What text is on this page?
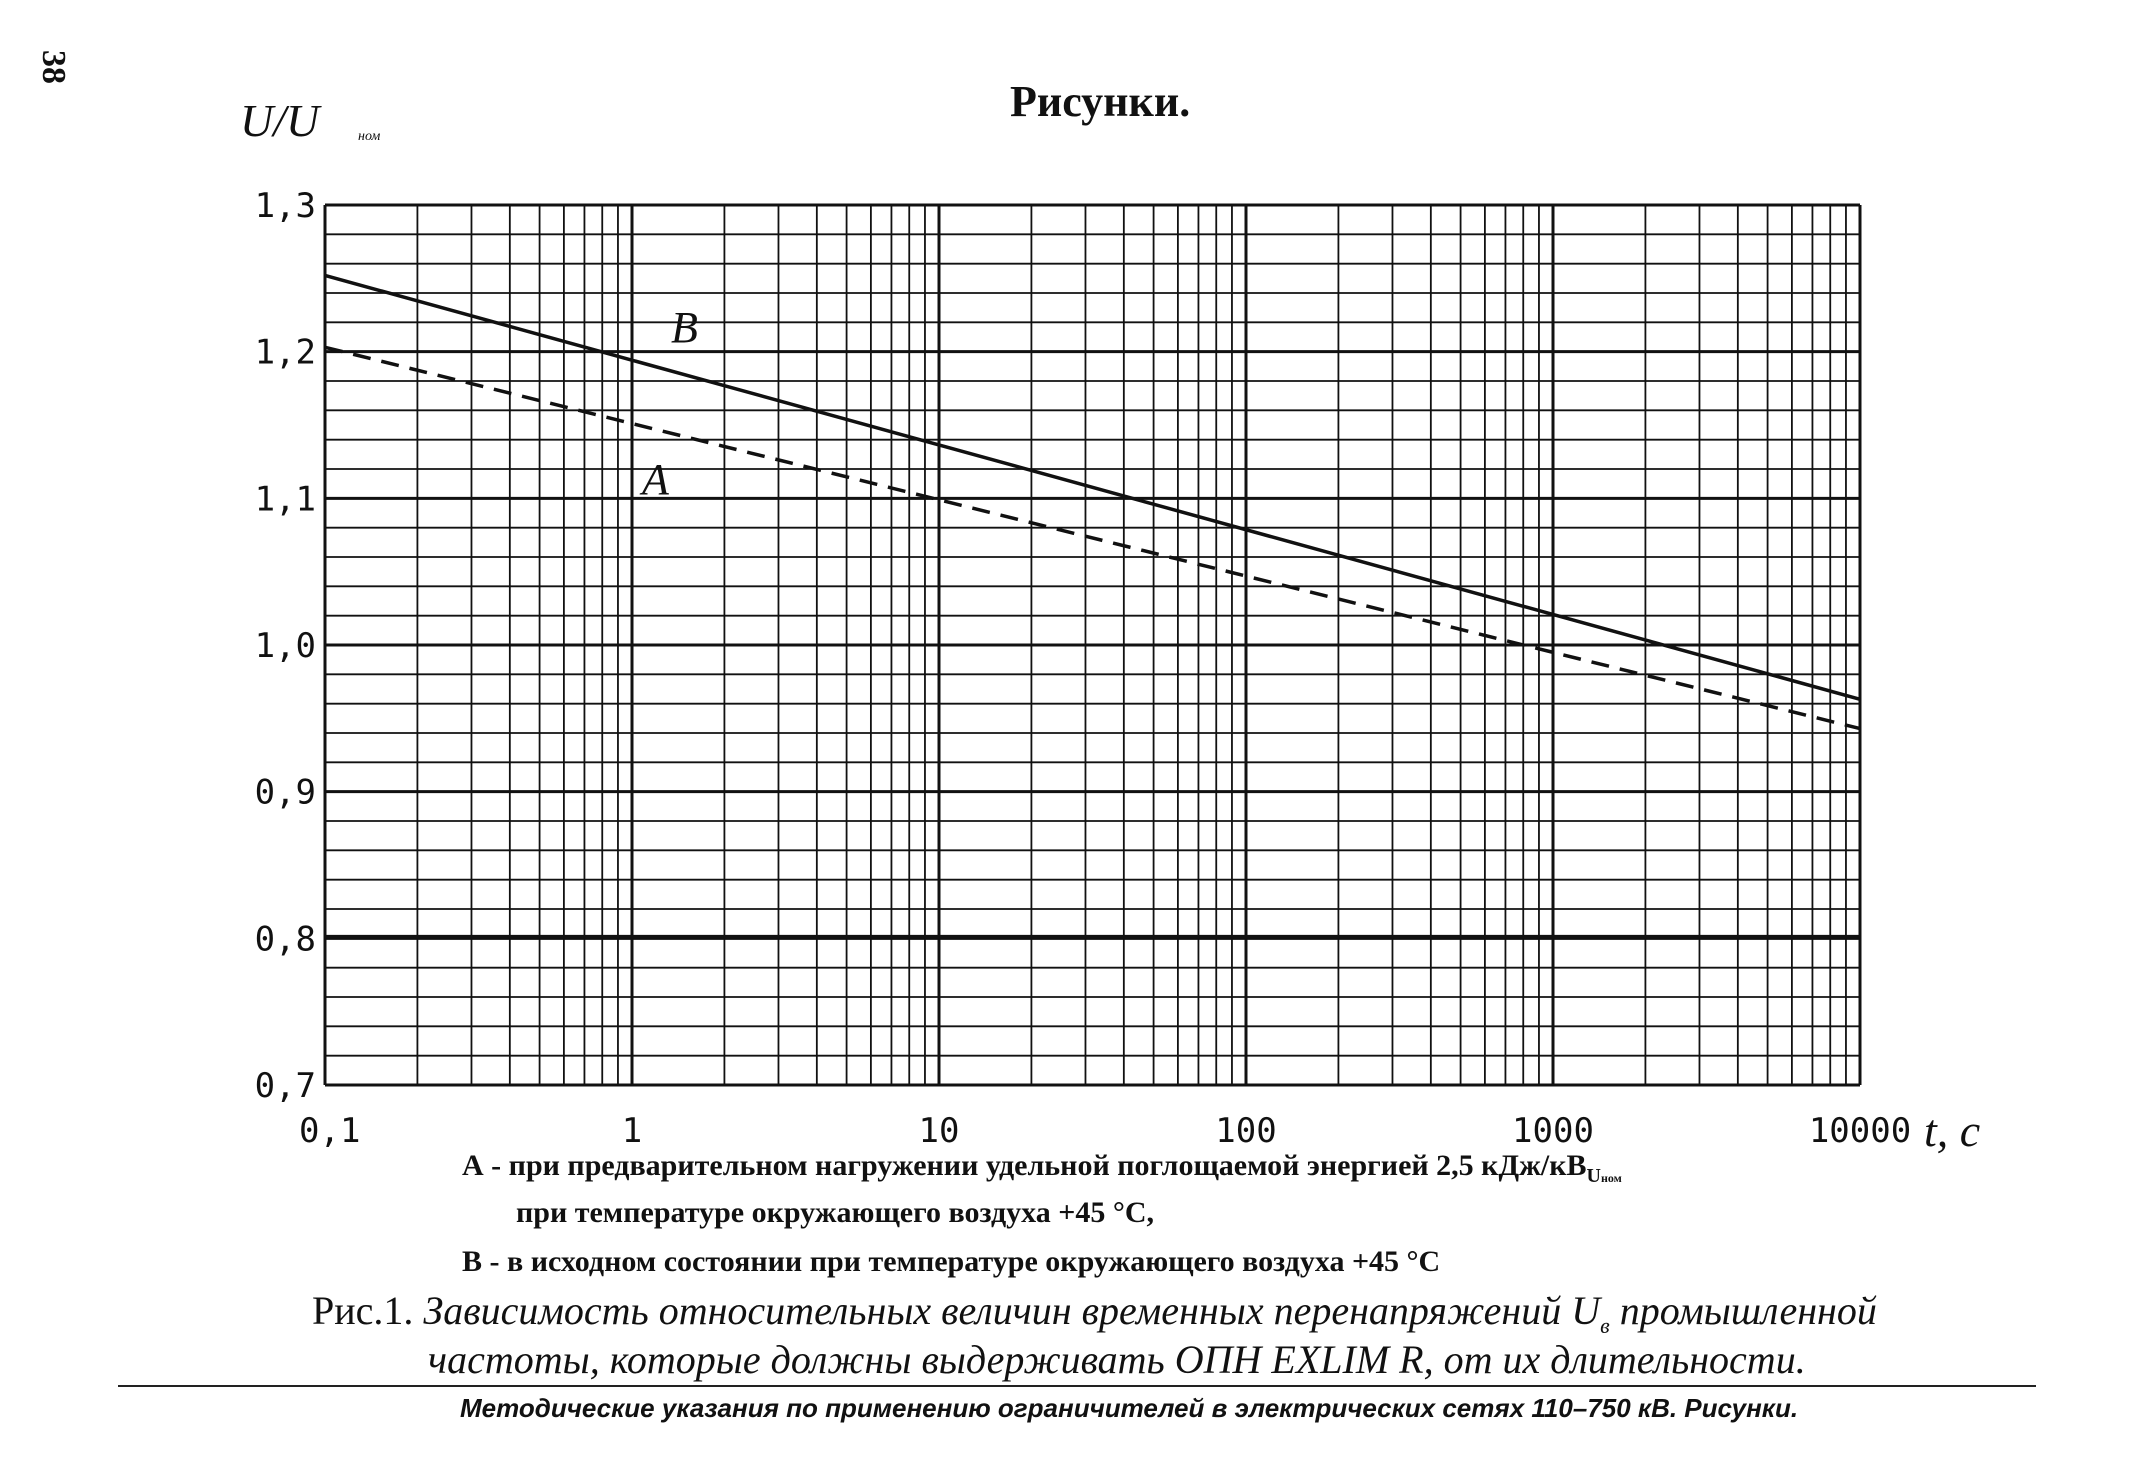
38
Рисунки.
0,1	1	10	100	1000	10000
0,7
0,8
0,9
1,0
1,1
1,2
1,3
U/U	ном
t, c
B
A
А - при предварительном нагружении удельной поглощаемой энергией 2,5 кДж/$кВ_{Uном}$
при температуре окружающего воздуха +45 °С,
В - в исходном состоянии при температуре окружающего воздуха +45 °С
Рис.1. Зависимость относительных величин временных перенапряжений $U_в$ промышленной
частоты, которые должны выдерживать ОПН EXLIM R, от их длительности.
Методические указания по применению ограничителей в электрических сетях 110–750 кВ. Рисунки.
